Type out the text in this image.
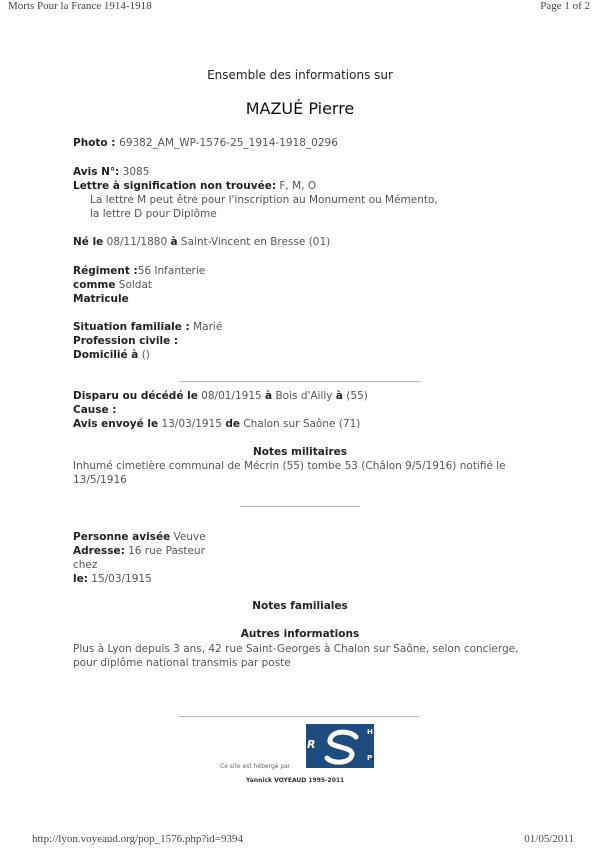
Morts Pour la France 1914-1918	Page 1 of 2
http://lyon.voyeaud.org/pop_1576.php?id=9394	01/05/2011
Ensemble des informations sur
MAZUÉ Pierre
Photo : 69382_AM_WP-1576-25_1914-1918_0296
Avis N°: 3085
Lettre à signification non trouvée: F, M, O
La lettre M peut être pour l'inscription au Monument ou Mémento,
la lettre D pour Diplôme
Né le 08/11/1880 à Saint-Vincent en Bresse (01)
Régiment :56 Infanterie
comme Soldat
Matricule
Situation familiale : Marié
Profession civile :
Domicilié à ()
Disparu ou décédé le 08/01/1915 à Bois d'Ailly à (55)
Cause :
Avis envoyé le 13/03/1915 de Chalon sur Saône (71)
Notes militaires
Inhumé cimetière communal de Mécrin (55) tombe 53 (Châlon 9/5/1916) notifié le
13/5/1916
Personne avisée Veuve
Adresse: 16 rue Pasteur
chez
le: 15/03/1915
Notes familiales
Autres informations
Plus à Lyon depuis 3 ans, 42 rue Saint-Georges à Chalon sur Saône, selon concierge,
pour diplôme national transmis par poste
R
H
P
Ce site est hébergé par
Yannick VOYEAUD 1995-2011
